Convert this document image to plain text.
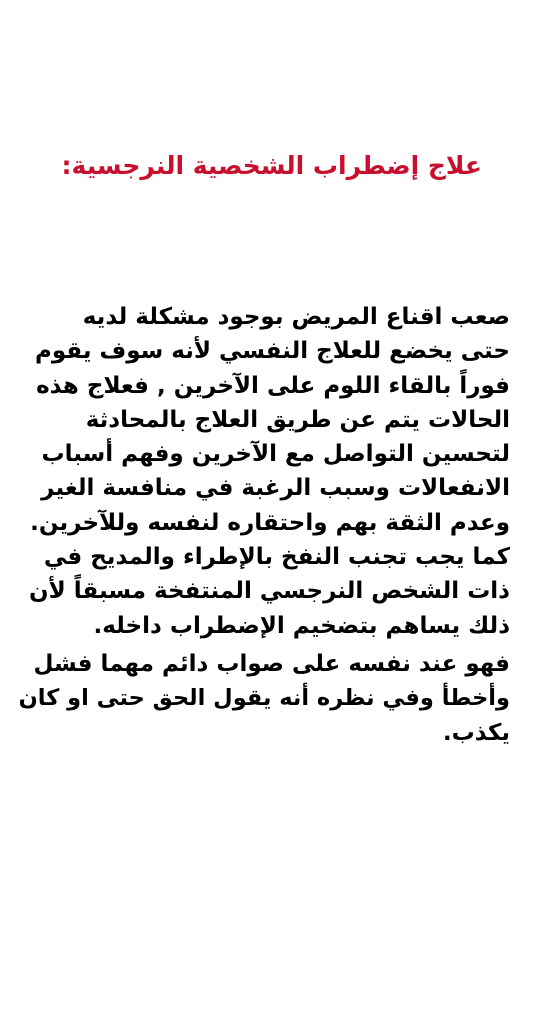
علاج إضطراب الشخصية النرجسية:

صعب اقناع المريض بوجود مشكلة لديه
حتى يخضع للعلاج النفسي لأنه سوف يقوم
فوراً بالقاء اللوم على الآخرين , فعلاج هذه
الحالات يتم عن طريق العلاج بالمحادثة
لتحسين التواصل مع الآخرين وفهم أسباب
الانفعالات وسبب الرغبة في منافسة الغير
وعدم الثقة بهم واحتقاره لنفسه وللآخرين.
كما يجب تجنب النفخ بالإطراء والمديح في
ذات الشخص النرجسي المنتفخة مسبقاً لأن
ذلك يساهم بتضخيم الإضطراب داخله.

فهو عند نفسه على صواب دائم مهما فشل
وأخطأ وفي نظره أنه يقول الحق حتى او كان
يكذب.
